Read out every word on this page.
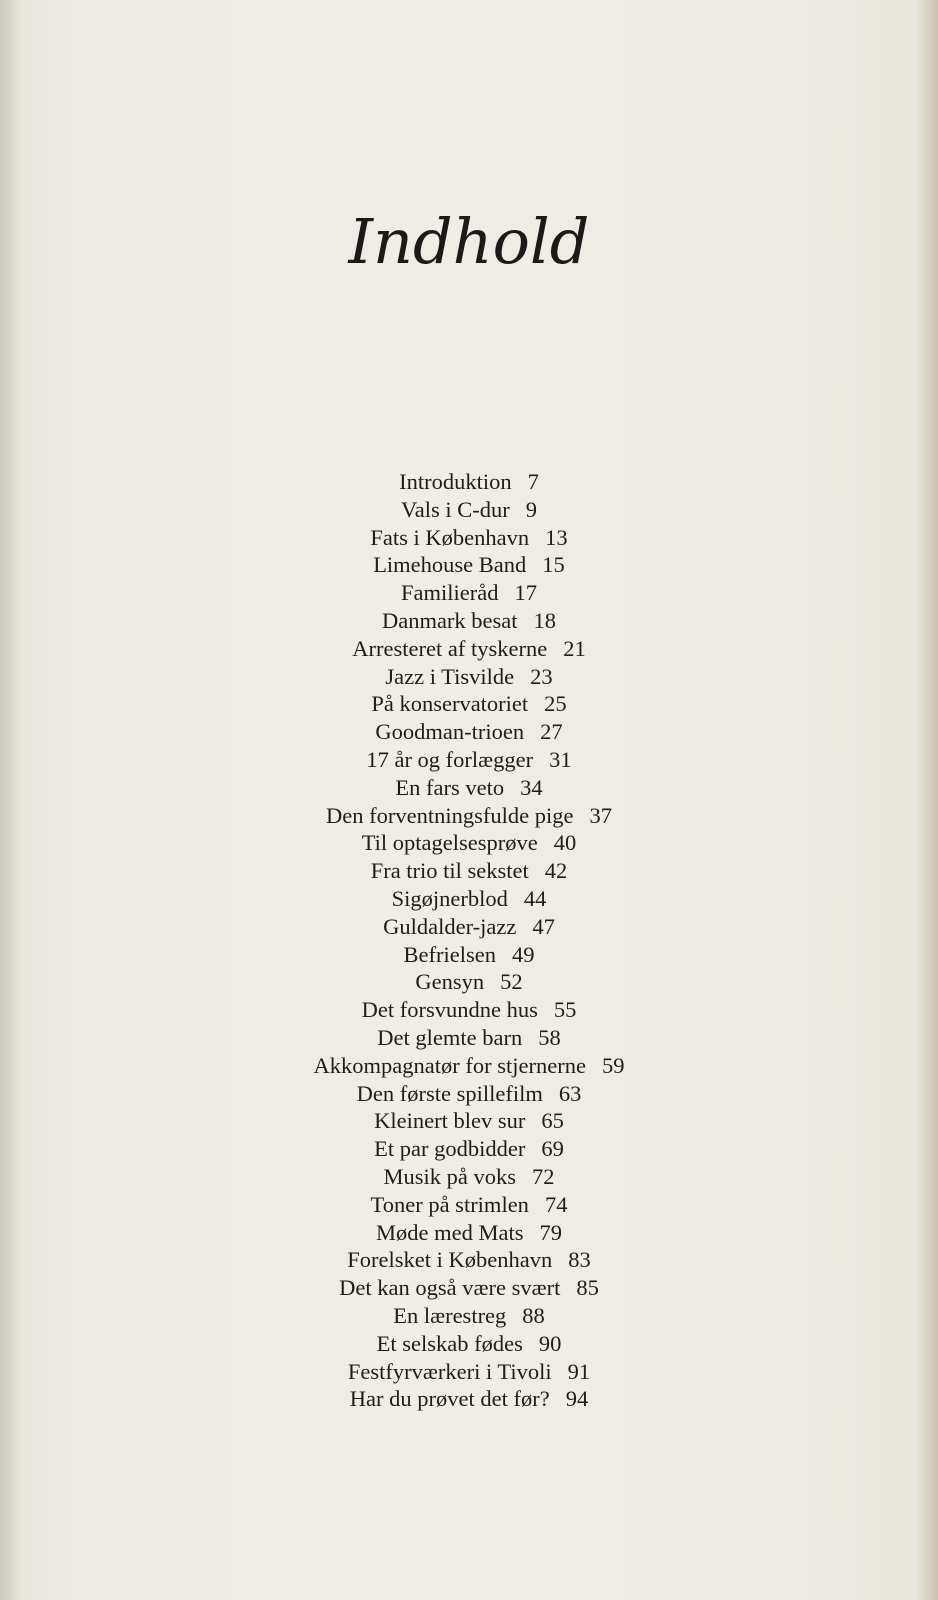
Indhold
Introduktion 7
Vals i C-dur 9
Fats i København 13
Limehouse Band 15
Familieråd 17
Danmark besat 18
Arresteret af tyskerne 21
Jazz i Tisvilde 23
På konservatoriet 25
Goodman-trioen 27
17 år og forlægger 31
En fars veto 34
Den forventningsfulde pige 37
Til optagelsesprøve 40
Fra trio til sekstet 42
Sigøjnerblod 44
Guldalder-jazz 47
Befrielsen 49
Gensyn 52
Det forsvundne hus 55
Det glemte barn 58
Akkompagnatør for stjernerne 59
Den første spillefilm 63
Kleinert blev sur 65
Et par godbidder 69
Musik på voks 72
Toner på strimlen 74
Møde med Mats 79
Forelsket i København 83
Det kan også være svært 85
En lærestreg 88
Et selskab fødes 90
Festfyrværkeri i Tivoli 91
Har du prøvet det før? 94
